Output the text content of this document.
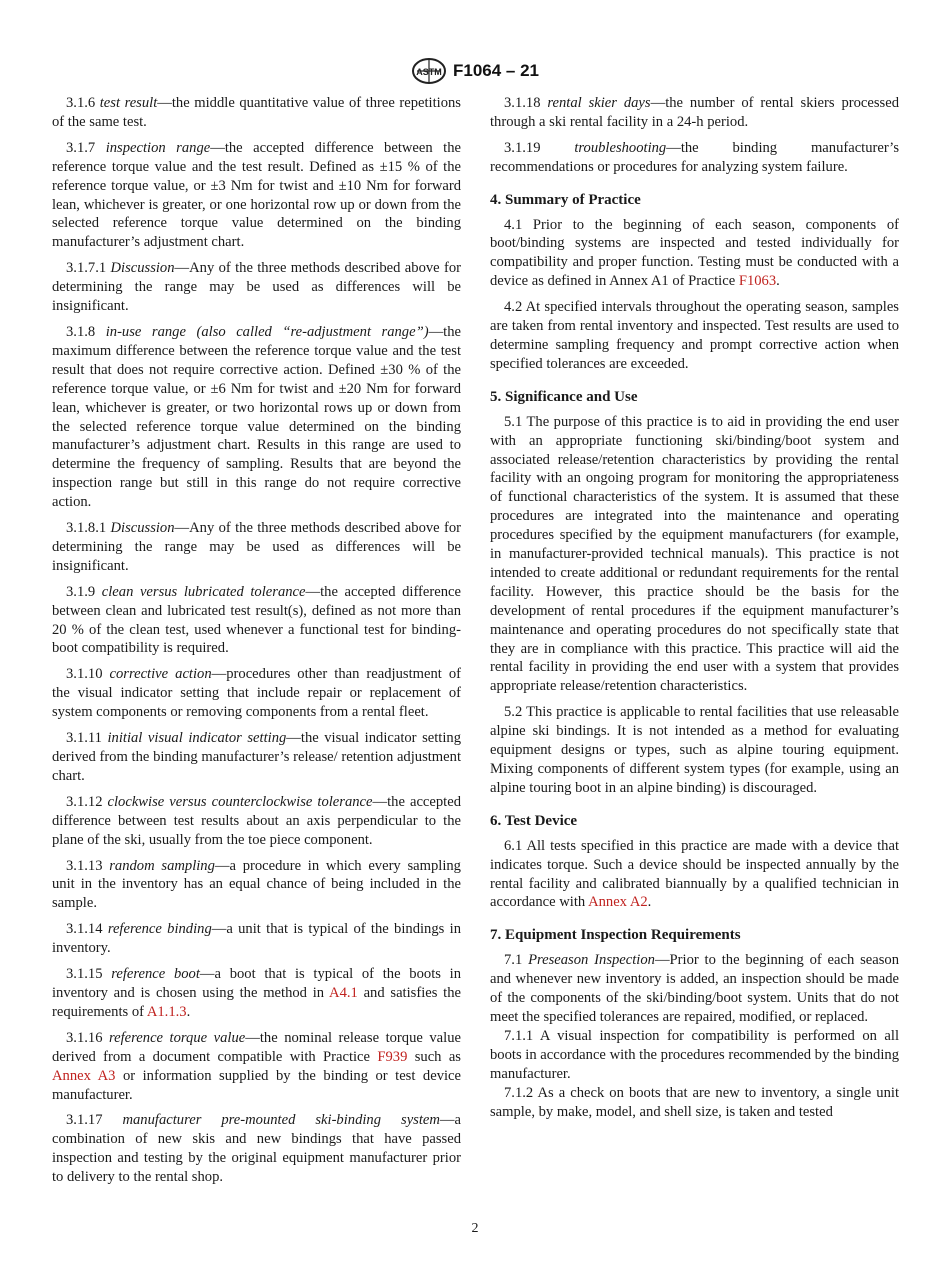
ASTM F1064 – 21

3.1.6 test result—the middle quantitative value of three repetitions of the same test.

3.1.7 inspection range—the accepted difference between the reference torque value and the test result. Defined as ±15 % of the reference torque value, or ±3 Nm for twist and ±10 Nm for forward lean, whichever is greater, or one horizontal row up or down from the selected reference torque value determined on the binding manufacturer’s adjustment chart.

3.1.7.1 Discussion—Any of the three methods described above for determining the range may be used as differences will be insignificant.

3.1.8 in-use range (also called “re-adjustment range”)—the maximum difference between the reference torque value and the test result that does not require corrective action. Defined ±30 % of the reference torque value, or ±6 Nm for twist and ±20 Nm for forward lean, whichever is greater, or two horizontal rows up or down from the selected reference torque value determined on the binding manufacturer’s adjustment chart. Results in this range are used to determine the frequency of sampling. Results that are beyond the inspection range but still in this range do not require corrective action.

3.1.8.1 Discussion—Any of the three methods described above for determining the range may be used as differences will be insignificant.

3.1.9 clean versus lubricated tolerance—the accepted difference between clean and lubricated test result(s), defined as not more than 20 % of the clean test, used whenever a functional test for binding-boot compatibility is required.

3.1.10 corrective action—procedures other than readjustment of the visual indicator setting that include repair or replacement of system components or removing components from a rental fleet.

3.1.11 initial visual indicator setting—the visual indicator setting derived from the binding manufacturer’s release/ retention adjustment chart.

3.1.12 clockwise versus counterclockwise tolerance—the accepted difference between test results about an axis perpendicular to the plane of the ski, usually from the toe piece component.

3.1.13 random sampling—a procedure in which every sampling unit in the inventory has an equal chance of being included in the sample.

3.1.14 reference binding—a unit that is typical of the bindings in inventory.

3.1.15 reference boot—a boot that is typical of the boots in inventory and is chosen using the method in A4.1 and satisfies the requirements of A1.1.3.

3.1.16 reference torque value—the nominal release torque value derived from a document compatible with Practice F939 such as Annex A3 or information supplied by the binding or test device manufacturer.

3.1.17 manufacturer pre-mounted ski-binding system—a combination of new skis and new bindings that have passed inspection and testing by the original equipment manufacturer prior to delivery to the rental shop.

3.1.18 rental skier days—the number of rental skiers processed through a ski rental facility in a 24-h period.

3.1.19 troubleshooting—the binding manufacturer’s recommendations or procedures for analyzing system failure.

4. Summary of Practice

4.1 Prior to the beginning of each season, components of boot/binding systems are inspected and tested individually for compatibility and proper function. Testing must be conducted with a device as defined in Annex A1 of Practice F1063.

4.2 At specified intervals throughout the operating season, samples are taken from rental inventory and inspected. Test results are used to determine sampling frequency and prompt corrective action when specified tolerances are exceeded.

5. Significance and Use

5.1 The purpose of this practice is to aid in providing the end user with an appropriate functioning ski/binding/boot system and associated release/retention characteristics by providing the rental facility with an ongoing program for monitoring the appropriateness of functional characteristics of the system. It is assumed that these procedures are integrated into the maintenance and operating procedures specified by the equipment manufacturers (for example, in manufacturer-provided technical manuals). This practice is not intended to create additional or redundant requirements for the rental facility. However, this practice should be the basis for the development of rental procedures if the equipment manufacturer’s maintenance and operating procedures do not specifically state that they are in compliance with this practice. This practice will aid the rental facility in providing the end user with a system that provides appropriate release/retention characteristics.

5.2 This practice is applicable to rental facilities that use releasable alpine ski bindings. It is not intended as a method for evaluating equipment designs or types, such as alpine touring equipment. Mixing components of different system types (for example, using an alpine touring boot in an alpine binding) is discouraged.

6. Test Device

6.1 All tests specified in this practice are made with a device that indicates torque. Such a device should be inspected annually by the rental facility and calibrated biannually by a qualified technician in accordance with Annex A2.

7. Equipment Inspection Requirements

7.1 Preseason Inspection—Prior to the beginning of each season and whenever new inventory is added, an inspection should be made of the components of the ski/binding/boot system. Units that do not meet the specified tolerances are repaired, modified, or replaced.

7.1.1 A visual inspection for compatibility is performed on all boots in accordance with the procedures recommended by the binding manufacturer.

7.1.2 As a check on boots that are new to inventory, a single unit sample, by make, model, and shell size, is taken and tested

2
